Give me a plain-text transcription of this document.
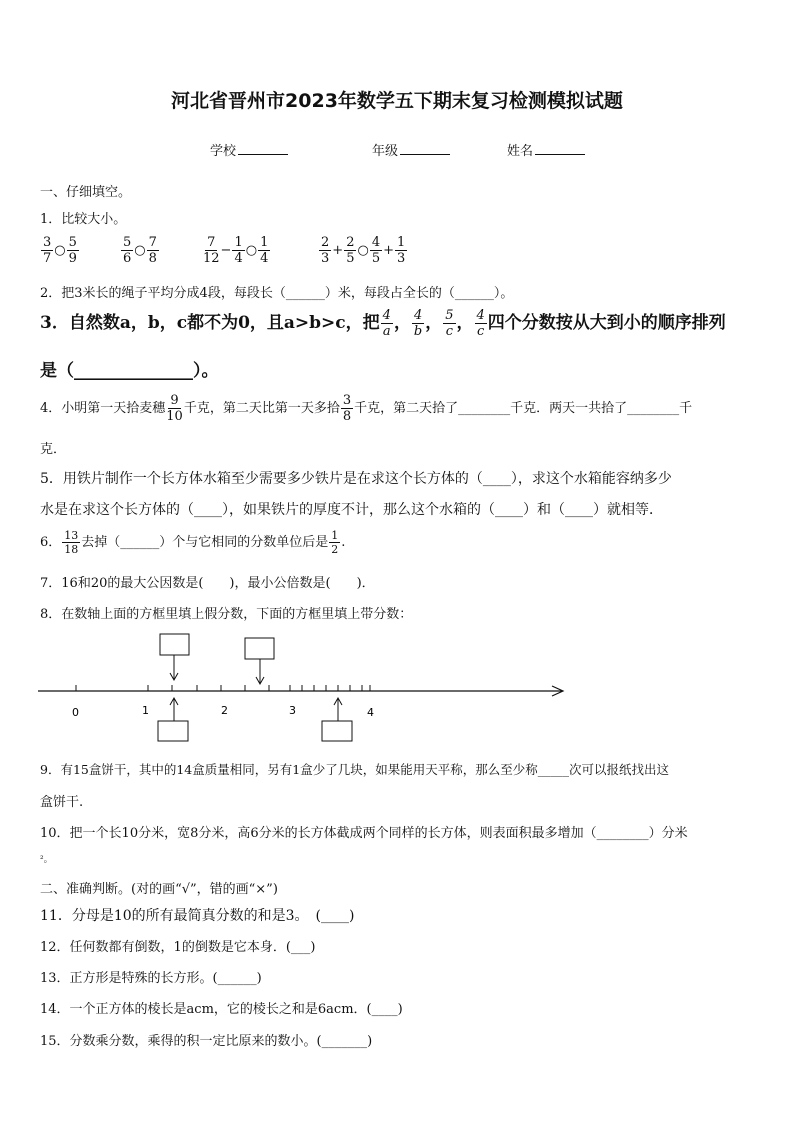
河北省晋州市2023年数学五下期末复习检测模拟试题
学校	年级	姓名
一、仔细填空。
1．比较大小。
$\frac{3}{7}$ ○ $\frac{5}{9}$	$\frac{5}{6}$ ○ $\frac{7}{8}$	$\frac{7}{12} - \frac{1}{4}$ ○ $\frac{1}{4}$	$\frac{2}{3} + \frac{2}{5}$ ○ $\frac{4}{5} + \frac{1}{3}$
2．把3米长的绳子平均分成4段，每段长（______）米，每段占全长的（______）。
3．自然数a，b，c都不为0，且a>b>c，把 $\frac{4}{a}$ ， $\frac{4}{b}$ ， $\frac{5}{c}$ ， $\frac{4}{c}$ 四个分数按从大到小的顺序排列
是（______________）。
4．小明第一天拾麦穗 $\frac{9}{10}$ 千克，第二天比第一天多拾 $\frac{3}{8}$ 千克，第二天拾了________千克．两天一共拾了________千
克．
5．用铁片制作一个长方体水箱至少需要多少铁片是在求这个长方体的（____），求这个水箱能容纳多少
水是在求这个长方体的（____），如果铁片的厚度不计，那么这个水箱的（____）和（____）就相等．
6． $\frac{13}{18}$ 去掉（______）个与它相同的分数单位后是 $\frac{1}{2}$ .
7．16和20的最大公因数是(　　)，最小公倍数是(　　)．
8．在数轴上面的方框里填上假分数，下面的方框里填上带分数：
0	1	2	3	4
9．有15盒饼干，其中的14盒质量相同，另有1盒少了几块，如果能用天平称，那么至少称_____次可以报纸找出这
盒饼干.
10．把一个长10分米，宽8分米，高6分米的长方体截成两个同样的长方体，则表面积最多增加（________）分米
²。
二、准确判断。(对的画“√”，错的画“×”)
11．分母是10的所有最简真分数的和是3。　(____)
12．任何数都有倒数，1的倒数是它本身．(___)
13．正方形是特殊的长方形。(______)
14．一个正方体的棱长是acm，它的棱长之和是6acm．(____)
15．分数乘分数，乘得的积一定比原来的数小。(_______)
